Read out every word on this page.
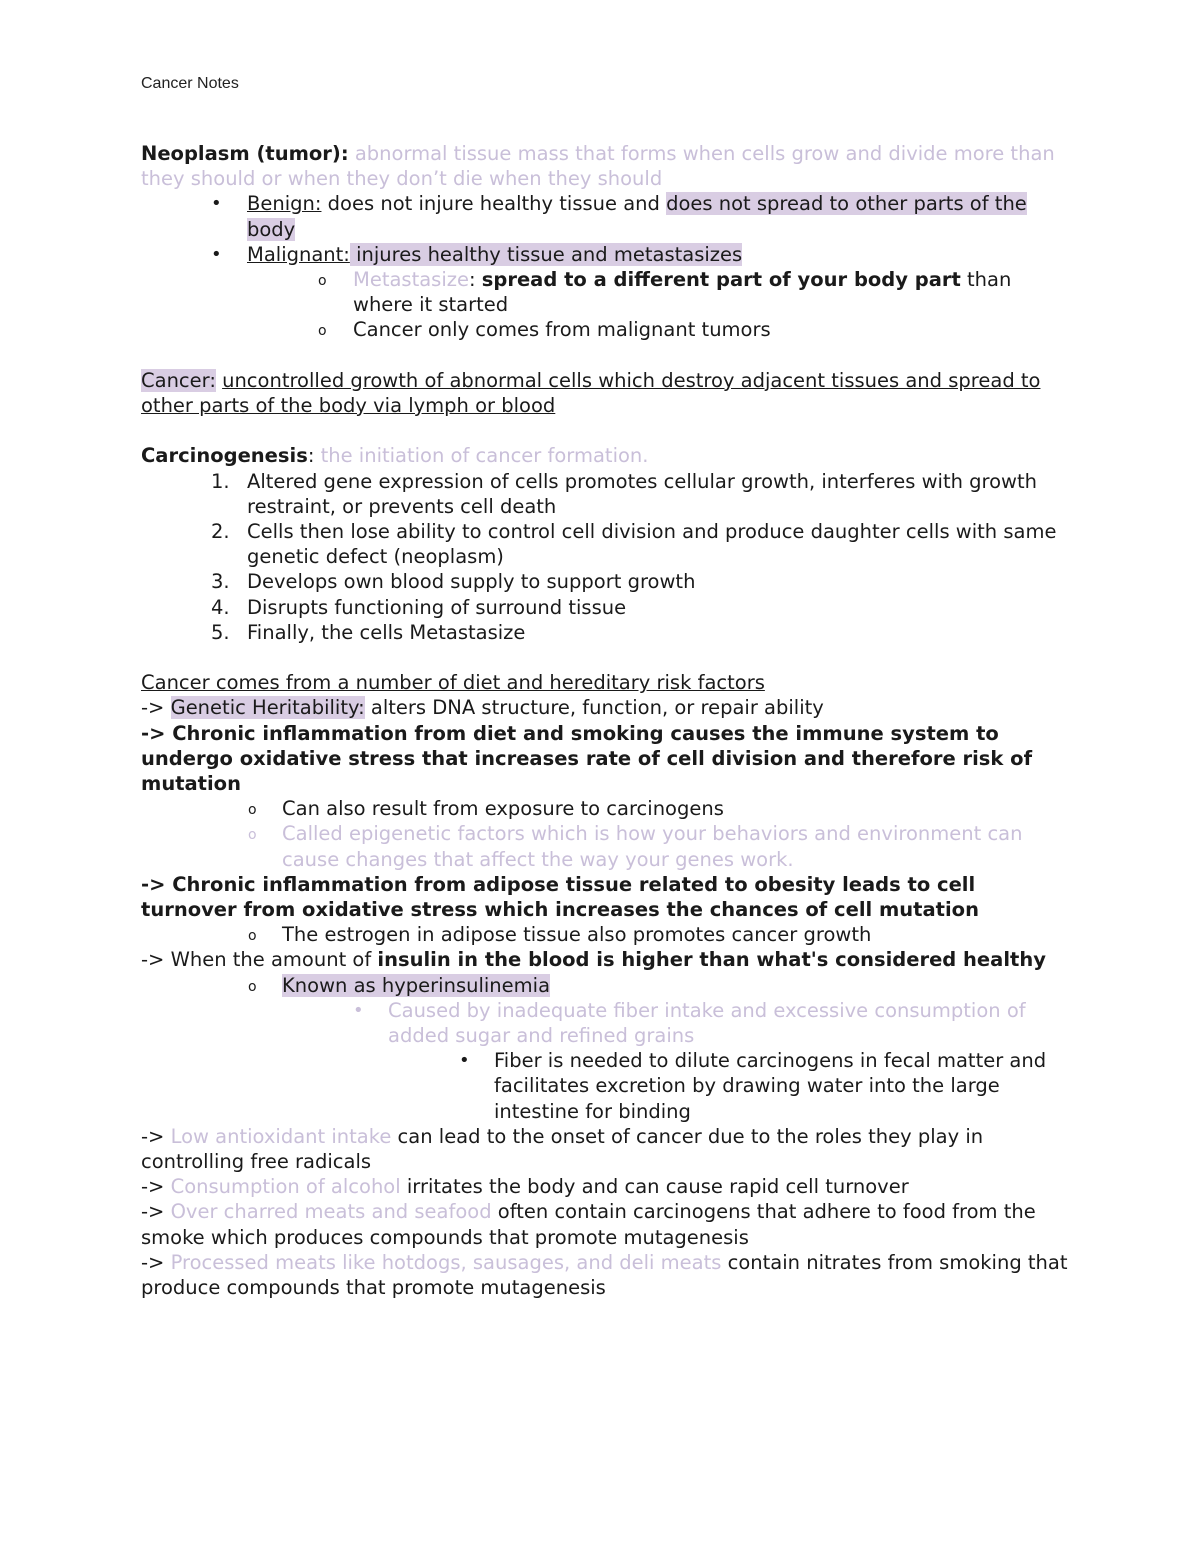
Cancer Notes

Neoplasm (tumor): abnormal tissue mass that forms when cells grow and divide more than they should or when they don’t die when they should

• Benign: does not injure healthy tissue and does not spread to other parts of the body
• Malignant: injures healthy tissue and metastasizes
o Metastasize: spread to a different part of your body part than where it started
o Cancer only comes from malignant tumors

Cancer: uncontrolled growth of abnormal cells which destroy adjacent tissues and spread to other parts of the body via lymph or blood

Carcinogenesis: the initiation of cancer formation.

1. Altered gene expression of cells promotes cellular growth, interferes with growth restraint, or prevents cell death
2. Cells then lose ability to control cell division and produce daughter cells with same genetic defect (neoplasm)
3. Develops own blood supply to support growth
4. Disrupts functioning of surround tissue
5. Finally, the cells Metastasize

Cancer comes from a number of diet and hereditary risk factors

-> Genetic Heritability: alters DNA structure, function, or repair ability

-> Chronic inflammation from diet and smoking causes the immune system to undergo oxidative stress that increases rate of cell division and therefore risk of mutation

o Can also result from exposure to carcinogens
o Called epigenetic factors which is how your behaviors and environment can cause changes that affect the way your genes work.

-> Chronic inflammation from adipose tissue related to obesity leads to cell turnover from oxidative stress which increases the chances of cell mutation

o The estrogen in adipose tissue also promotes cancer growth

-> When the amount of insulin in the blood is higher than what's considered healthy

o Known as hyperinsulinemia
• Caused by inadequate fiber intake and excessive consumption of added sugar and refined grains
• Fiber is needed to dilute carcinogens in fecal matter and facilitates excretion by drawing water into the large intestine for binding

-> Low antioxidant intake can lead to the onset of cancer due to the roles they play in controlling free radicals

-> Consumption of alcohol irritates the body and can cause rapid cell turnover

-> Over charred meats and seafood often contain carcinogens that adhere to food from the smoke which produces compounds that promote mutagenesis

-> Processed meats like hotdogs, sausages, and deli meats contain nitrates from smoking that produce compounds that promote mutagenesis
